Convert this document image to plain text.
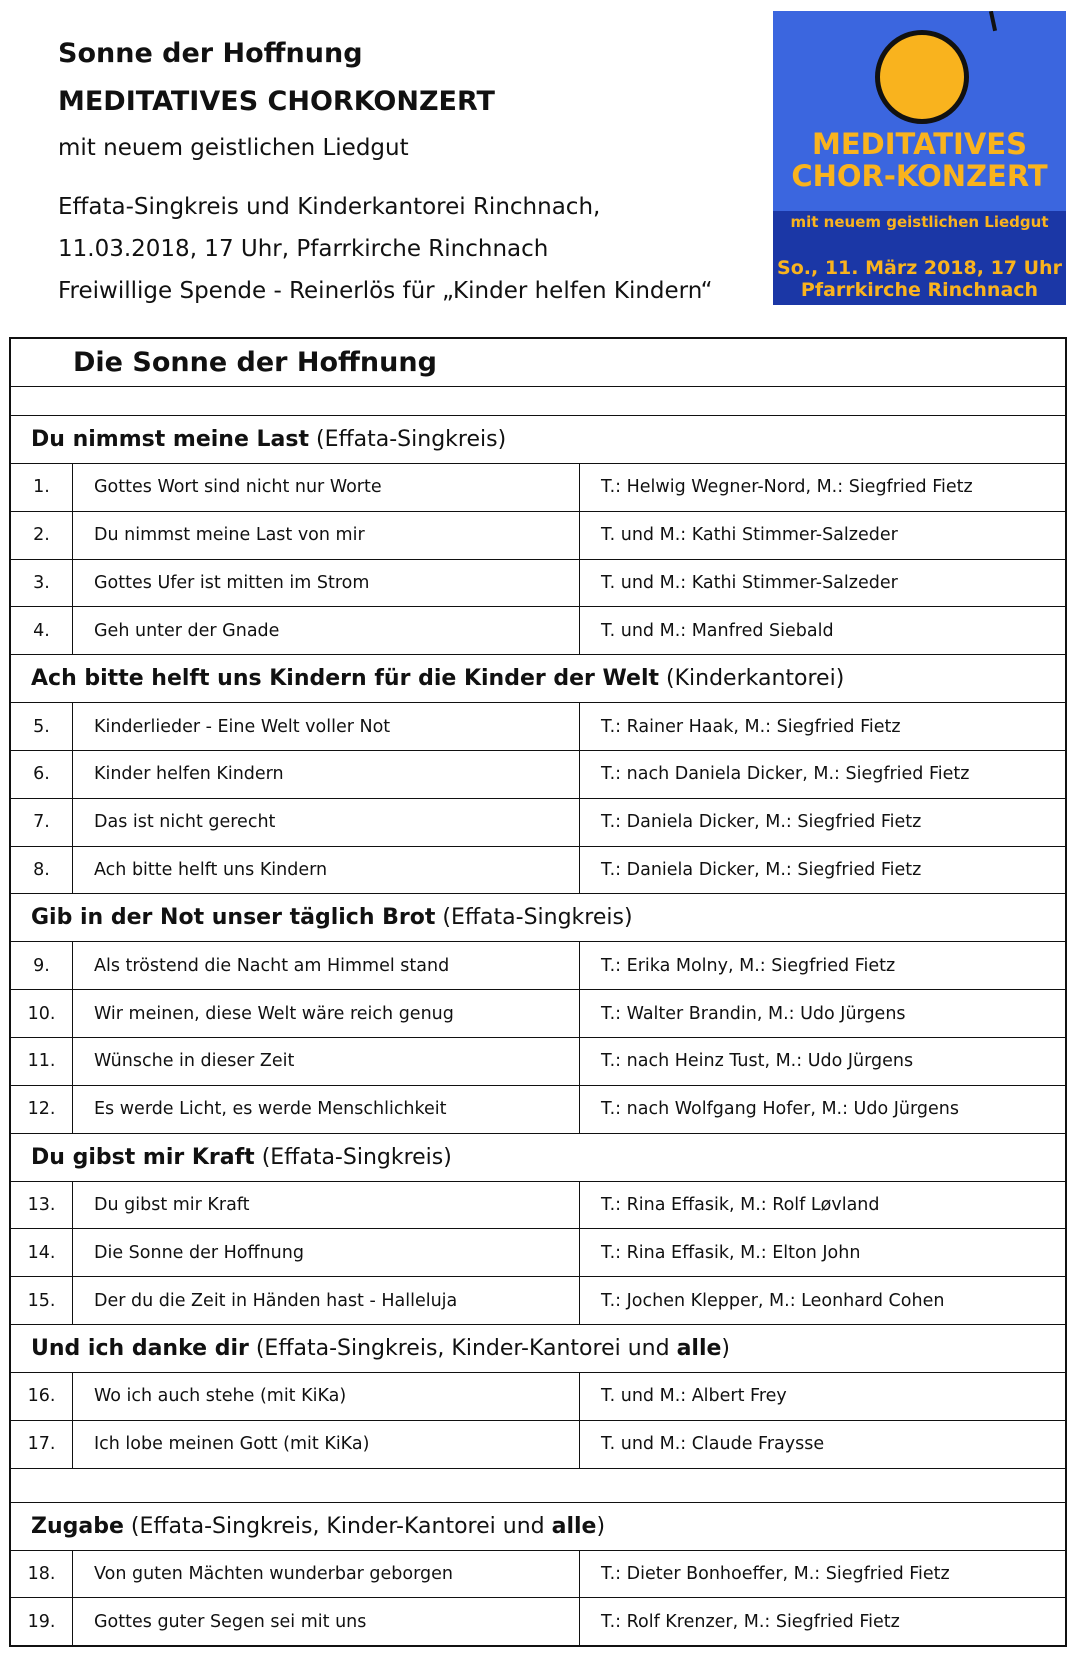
Sonne der Hoffnung

MEDITATIVES CHORKONZERT

mit neuem geistlichen Liedgut

Effata-Singkreis und Kinderkantorei Rinchnach,

11.03.2018, 17 Uhr, Pfarrkirche Rinchnach

Freiwillige Spende - Reinerlös für „Kinder helfen Kindern“

MEDITATIVES
CHOR-KONZERT
mit neuem geistlichen Liedgut
So., 11. März 2018, 17 Uhr
Pfarrkirche Rinchnach
Die Sonne der Hoffnung
Du nimmst meine Last (Effata-Singkreis)
1.	Gottes Wort sind nicht nur Worte	T.: Helwig Wegner-Nord, M.: Siegfried Fietz
2.	Du nimmst meine Last von mir	T. und M.: Kathi Stimmer-Salzeder
3.	Gottes Ufer ist mitten im Strom	T. und M.: Kathi Stimmer-Salzeder
4.	Geh unter der Gnade	T. und M.: Manfred Siebald
Ach bitte helft uns Kindern für die Kinder der Welt (Kinderkantorei)
5.	Kinderlieder - Eine Welt voller Not	T.: Rainer Haak, M.: Siegfried Fietz
6.	Kinder helfen Kindern	T.: nach Daniela Dicker, M.: Siegfried Fietz
7.	Das ist nicht gerecht	T.: Daniela Dicker, M.: Siegfried Fietz
8.	Ach bitte helft uns Kindern	T.: Daniela Dicker, M.: Siegfried Fietz
Gib in der Not unser täglich Brot (Effata-Singkreis)
9.	Als tröstend die Nacht am Himmel stand	T.: Erika Molny, M.: Siegfried Fietz
10.	Wir meinen, diese Welt wäre reich genug	T.: Walter Brandin, M.: Udo Jürgens
11.	Wünsche in dieser Zeit	T.: nach Heinz Tust, M.: Udo Jürgens
12.	Es werde Licht, es werde Menschlichkeit	T.: nach Wolfgang Hofer, M.: Udo Jürgens
Du gibst mir Kraft (Effata-Singkreis)
13.	Du gibst mir Kraft	T.: Rina Effasik, M.: Rolf Løvland
14.	Die Sonne der Hoffnung	T.: Rina Effasik, M.: Elton John
15.	Der du die Zeit in Händen hast - Halleluja	T.: Jochen Klepper, M.: Leonhard Cohen
Und ich danke dir (Effata-Singkreis, Kinder-Kantorei und alle)
16.	Wo ich auch stehe (mit KiKa)	T. und M.: Albert Frey
17.	Ich lobe meinen Gott (mit KiKa)	T. und M.: Claude Fraysse
Zugabe (Effata-Singkreis, Kinder-Kantorei und alle)
18.	Von guten Mächten wunderbar geborgen	T.: Dieter Bonhoeffer, M.: Siegfried Fietz
19.	Gottes guter Segen sei mit uns	T.: Rolf Krenzer, M.: Siegfried Fietz
